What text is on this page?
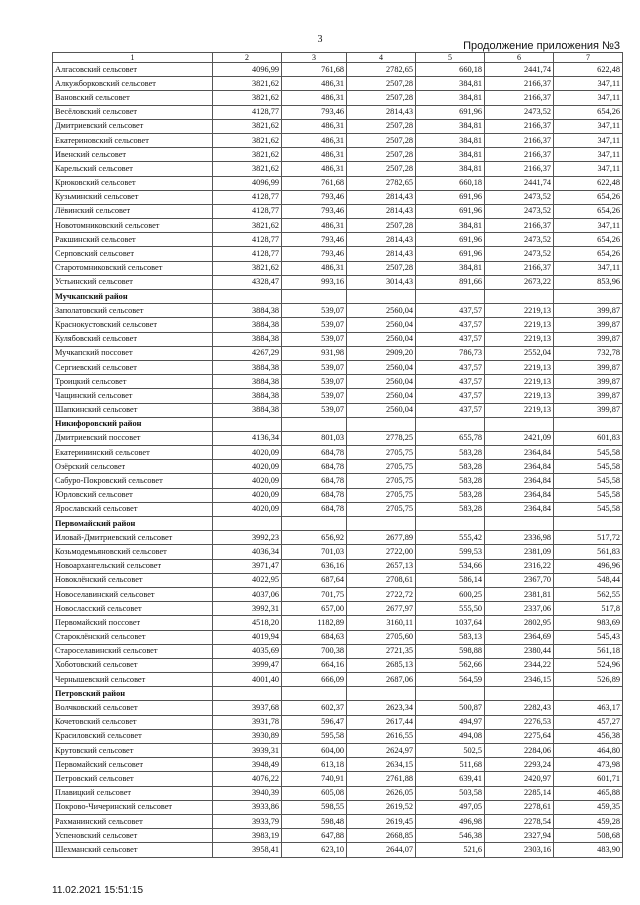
3
Продолжение приложения №3
1	2	3	4	5	6	7
Алгасовский сельсовет	4096,99	761,68	2782,65	660,18	2441,74	622,48
Алкужборковский сельсовет	3821,62	486,31	2507,28	384,81	2166,37	347,11
Вановский сельсовет	3821,62	486,31	2507,28	384,81	2166,37	347,11
Весёловский сельсовет	4128,77	793,46	2814,43	691,96	2473,52	654,26
Дмитриевский сельсовет	3821,62	486,31	2507,28	384,81	2166,37	347,11
Екатериновский сельсовет	3821,62	486,31	2507,28	384,81	2166,37	347,11
Ивенский сельсовет	3821,62	486,31	2507,28	384,81	2166,37	347,11
Карельский сельсовет	3821,62	486,31	2507,28	384,81	2166,37	347,11
Крюковский сельсовет	4096,99	761,68	2782,65	660,18	2441,74	622,48
Кузьминский сельсовет	4128,77	793,46	2814,43	691,96	2473,52	654,26
Лёвинский сельсовет	4128,77	793,46	2814,43	691,96	2473,52	654,26
Новотомниковский сельсовет	3821,62	486,31	2507,28	384,81	2166,37	347,11
Ракшинский сельсовет	4128,77	793,46	2814,43	691,96	2473,52	654,26
Серповский сельсовет	4128,77	793,46	2814,43	691,96	2473,52	654,26
Старотомниковский сельсовет	3821,62	486,31	2507,28	384,81	2166,37	347,11
Устьинский сельсовет	4328,47	993,16	3014,43	891,66	2673,22	853,96
Мучкапский район						
Заполатовский сельсовет	3884,38	539,07	2560,04	437,57	2219,13	399,87
Краснокустовский сельсовет	3884,38	539,07	2560,04	437,57	2219,13	399,87
Кулябовский сельсовет	3884,38	539,07	2560,04	437,57	2219,13	399,87
Мучкапский поссовет	4267,29	931,98	2909,20	786,73	2552,04	732,78
Сергиевский сельсовет	3884,38	539,07	2560,04	437,57	2219,13	399,87
Троицкий сельсовет	3884,38	539,07	2560,04	437,57	2219,13	399,87
Чащинский сельсовет	3884,38	539,07	2560,04	437,57	2219,13	399,87
Шапкинский сельсовет	3884,38	539,07	2560,04	437,57	2219,13	399,87
Никифоровский район						
Дмитриевский поссовет	4136,34	801,03	2778,25	655,78	2421,09	601,83
Екатерининский сельсовет	4020,09	684,78	2705,75	583,28	2364,84	545,58
Озёрский сельсовет	4020,09	684,78	2705,75	583,28	2364,84	545,58
Сабуро-Покровский сельсовет	4020,09	684,78	2705,75	583,28	2364,84	545,58
Юрловский сельсовет	4020,09	684,78	2705,75	583,28	2364,84	545,58
Ярославский сельсовет	4020,09	684,78	2705,75	583,28	2364,84	545,58
Первомайский район						
Иловай-Дмитриевский сельсовет	3992,23	656,92	2677,89	555,42	2336,98	517,72
Козьмодемьяновский сельсовет	4036,34	701,03	2722,00	599,53	2381,09	561,83
Новоархангельский сельсовет	3971,47	636,16	2657,13	534,66	2316,22	496,96
Новоклёнский сельсовет	4022,95	687,64	2708,61	586,14	2367,70	548,44
Новоселавинский сельсовет	4037,06	701,75	2722,72	600,25	2381,81	562,55
Новосласский сельсовет	3992,31	657,00	2677,97	555,50	2337,06	517,8
Первомайский поссовет	4518,20	1182,89	3160,11	1037,64	2802,95	983,69
Староклёнский сельсовет	4019,94	684,63	2705,60	583,13	2364,69	545,43
Староселавинский сельсовет	4035,69	700,38	2721,35	598,88	2380,44	561,18
Хоботовский сельсовет	3999,47	664,16	2685,13	562,66	2344,22	524,96
Чернышевский сельсовет	4001,40	666,09	2687,06	564,59	2346,15	526,89
Петровский район						
Волчковский сельсовет	3937,68	602,37	2623,34	500,87	2282,43	463,17
Кочетовский сельсовет	3931,78	596,47	2617,44	494,97	2276,53	457,27
Красиловский сельсовет	3930,89	595,58	2616,55	494,08	2275,64	456,38
Крутовский сельсовет	3939,31	604,00	2624,97	502,5	2284,06	464,80
Первомайский сельсовет	3948,49	613,18	2634,15	511,68	2293,24	473,98
Петровский сельсовет	4076,22	740,91	2761,88	639,41	2420,97	601,71
Плавицкий сельсовет	3940,39	605,08	2626,05	503,58	2285,14	465,88
Покрово-Чичеринский сельсовет	3933,86	598,55	2619,52	497,05	2278,61	459,35
Рахманинский сельсовет	3933,79	598,48	2619,45	496,98	2278,54	459,28
Успеновский сельсовет	3983,19	647,88	2668,85	546,38	2327,94	508,68
Шехманский сельсовет	3958,41	623,10	2644,07	521,6	2303,16	483,90
11.02.2021 15:51:15
